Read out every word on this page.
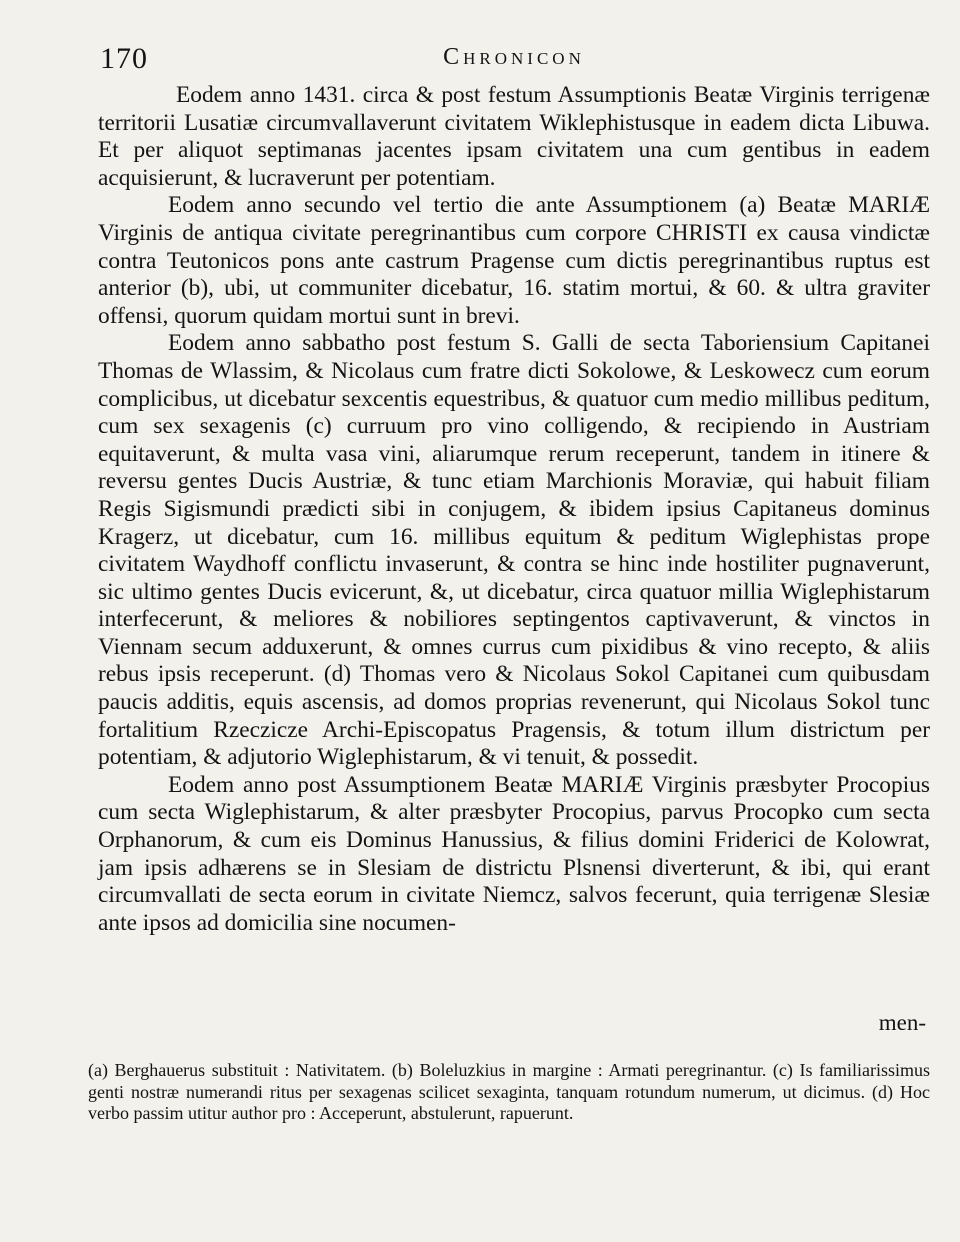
170	Chronicon

Eodem anno 1431. circa & post festum Assumptionis Beatæ Virginis terrigenæ territorii Lusatiæ circumvallaverunt civitatem Wiklephistusque in eadem dicta Libuwa. Et per aliquot septimanas jacentes ipsam civitatem una cum gentibus in eadem acquisierunt, & lucraverunt per potentiam.

Eodem anno secundo vel tertio die ante Assumptionem (a) Beatæ MARIÆ Virginis de antiqua civitate peregrinantibus cum corpore CHRISTI ex causa vindictæ contra Teutonicos pons ante castrum Pragense cum dictis peregrinantibus ruptus est anterior (b), ubi, ut communiter dicebatur, 16. statim mortui, & 60. & ultra graviter offensi, quorum quidam mortui sunt in brevi.

Eodem anno sabbatho post festum S. Galli de secta Taboriensium Capitanei Thomas de Wlassim, & Nicolaus cum fratre dicti Sokolowe, & Leskowecz cum eorum complicibus, ut dicebatur sexcentis equestribus, & quatuor cum medio millibus peditum, cum sex sexagenis (c) curruum pro vino colligendo, & recipiendo in Austriam equitaverunt, & multa vasa vini, aliarumque rerum receperunt, tandem in itinere & reversu gentes Ducis Austriæ, & tunc etiam Marchionis Moraviæ, qui habuit filiam Regis Sigismundi prædicti sibi in conjugem, & ibidem ipsius Capitaneus dominus Kragerz, ut dicebatur, cum 16. millibus equitum & peditum Wiglephistas prope civitatem Waydhoff conflictu invaserunt, & contra se hinc inde hostiliter pugnaverunt, sic ultimo gentes Ducis evicerunt, &, ut dicebatur, circa quatuor millia Wiglephistarum interfecerunt, & meliores & nobiliores septingentos captivaverunt, & vinctos in Viennam secum adduxerunt, & omnes currus cum pixidibus & vino recepto, & aliis rebus ipsis receperunt. (d) Thomas vero & Nicolaus Sokol Capitanei cum quibusdam paucis additis, equis ascensis, ad domos proprias revenerunt, qui Nicolaus Sokol tunc fortalitium Rzeczicze Archi-Episcopatus Pragensis, & totum illum districtum per potentiam, & adjutorio Wiglephistarum, & vi tenuit, & possedit.

Eodem anno post Assumptionem Beatæ MARIÆ Virginis præsbyter Procopius cum secta Wiglephistarum, & alter præsbyter Procopius, parvus Procopko cum secta Orphanorum, & cum eis Dominus Hanussius, & filius domini Friderici de Kolowrat, jam ipsis adhærens se in Slesiam de districtu Plsnensi diverterunt, & ibi, qui erant circumvallati de secta eorum in civitate Niemcz, salvos fecerunt, quia terrigenæ Slesiæ ante ipsos ad domicilia sine nocumen-

men-
(a) Berghauerus substituit : Nativitatem. (b) Boleluzkius in margine : Armati peregrinantur. (c) Is familiarissimus genti nostræ numerandi ritus per sexagenas scilicet sexaginta, tanquam rotundum numerum, ut dicimus. (d) Hoc verbo passim utitur author pro : Acceperunt, abstulerunt, rapuerunt.
